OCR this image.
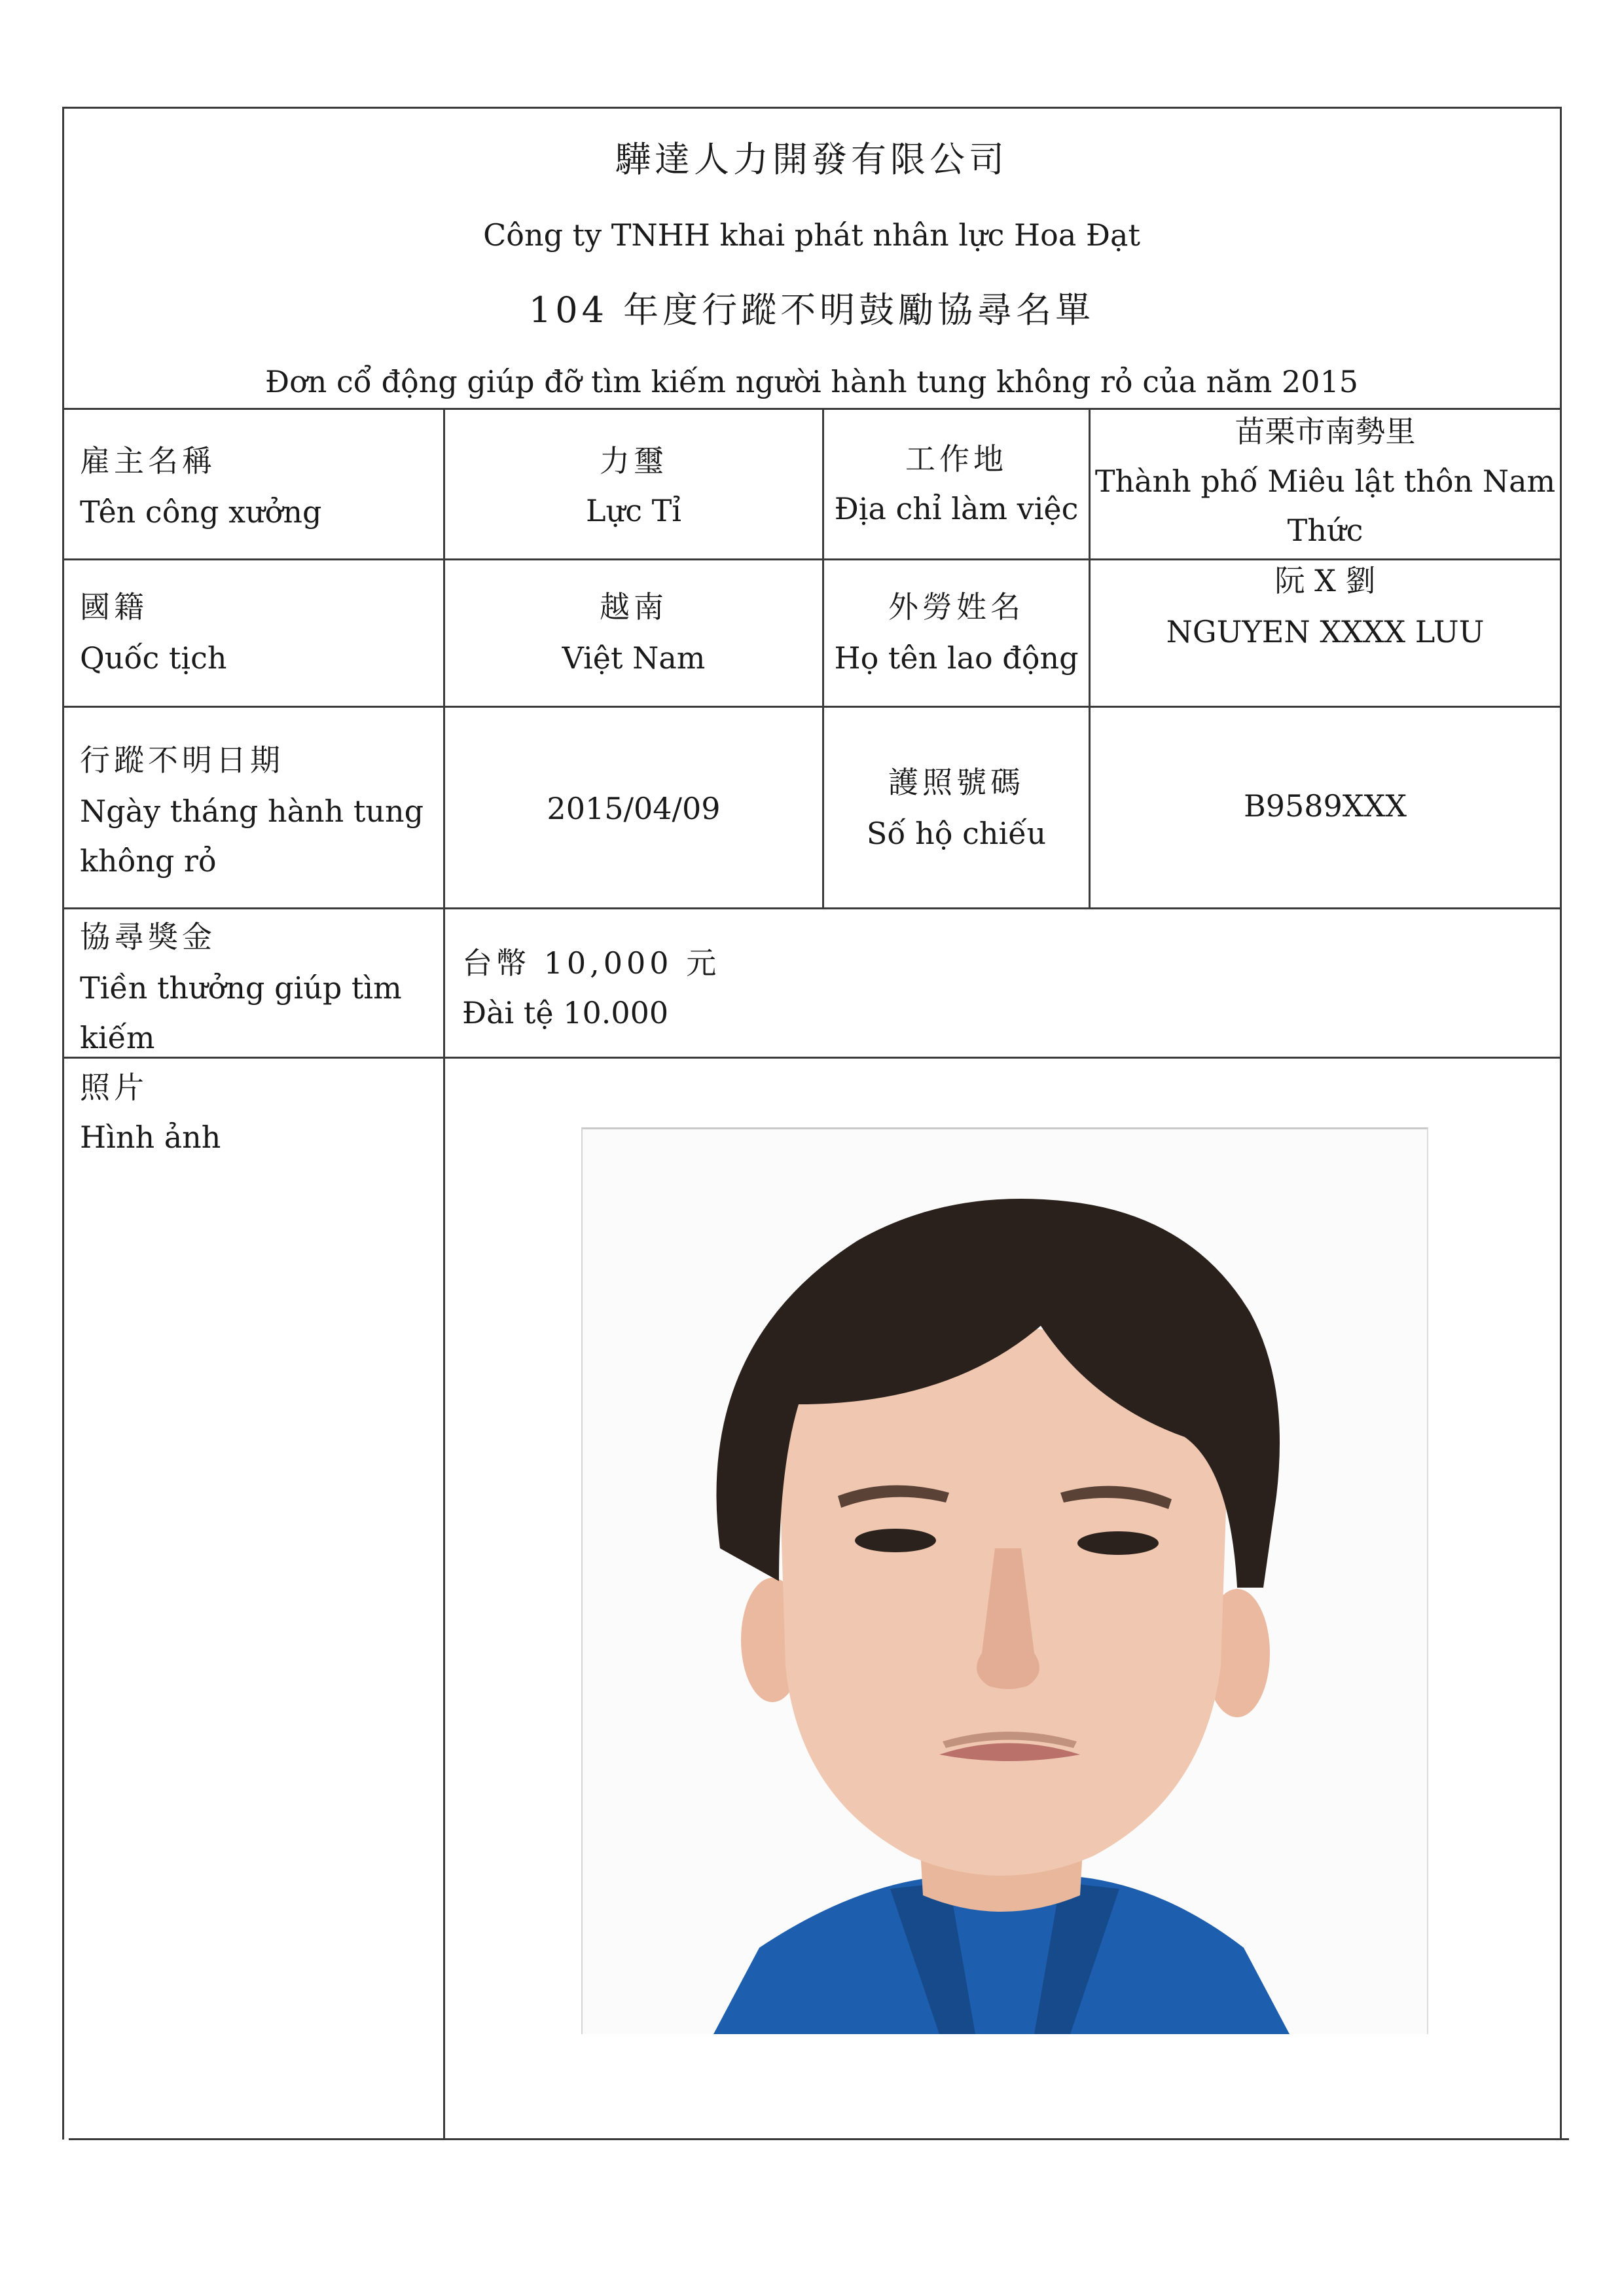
驊達人力開發有限公司
Công ty TNHH khai phát nhân lực Hoa Đạt
104 年度行蹤不明鼓勵協尋名單
Đơn cổ động giúp đỡ tìm kiếm người hành tung không rỏ của năm 2015
雇主名稱
Tên công xưởng
力璽
Lực Tỉ
工作地
Địa chỉ làm việc
苗栗市南勢里
Thành phố Miêu lật thôn Nam
Thức
國籍
Quốc tịch
越南
Việt Nam
外勞姓名
Họ tên lao động
阮 X 劉
NGUYEN XXXX LUU
行蹤不明日期
Ngày tháng hành tung
không rỏ
2015/04/09
護照號碼
Số hộ chiếu
B9589XXX
協尋獎金
Tiền thưởng giúp tìm
kiếm
台幣 10,000 元
Đài tệ 10.000
照片
Hình ảnh
